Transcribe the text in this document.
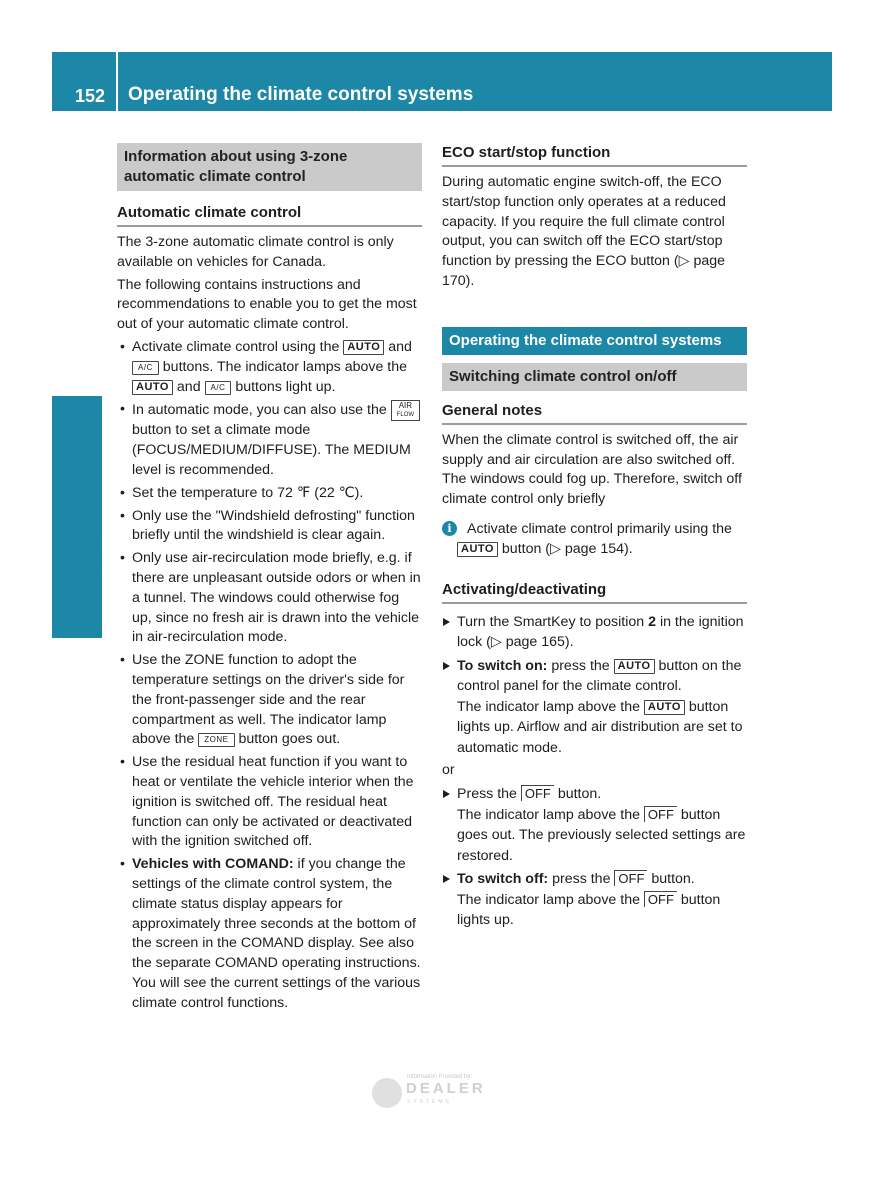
152 Operating the climate control systems
Climate control
Information about using 3-zone automatic climate control
Automatic climate control

The 3-zone automatic climate control is only available on vehicles for Canada.

The following contains instructions and recommendations to enable you to get the most out of your automatic climate control.

• Activate climate control using the AUTO and A/C buttons. The indicator lamps above the AUTO and A/C buttons light up.
• In automatic mode, you can also use the AIR
FLOW button to set a climate mode (FOCUS/MEDIUM/DIFFUSE). The MEDIUM level is recommended.
• Set the temperature to 72 ℉ (22 ℃).
• Only use the "Windshield defrosting" function briefly until the windshield is clear again.
• Only use air-recirculation mode briefly, e.g. if there are unpleasant outside odors or when in a tunnel. The windows could otherwise fog up, since no fresh air is drawn into the vehicle in air-recirculation mode.
• Use the ZONE function to adopt the temperature settings on the driver's side for the front-passenger side and the rear compartment as well. The indicator lamp above the ZONE button goes out.
• Use the residual heat function if you want to heat or ventilate the vehicle interior when the ignition is switched off. The residual heat function can only be activated or deactivated with the ignition switched off.
• Vehicles with COMAND: if you change the settings of the climate control system, the climate status display appears for approximately three seconds at the bottom of the screen in the COMAND display. See also the separate COMAND operating instructions. You will see the current settings of the various climate control functions.
ECO start/stop function

During automatic engine switch-off, the ECO start/stop function only operates at a reduced capacity. If you require the full climate control output, you can switch off the ECO start/stop function by pressing the ECO button (▷ page 170).

Operating the climate control systems
Switching climate control on/off
General notes

When the climate control is switched off, the air supply and air circulation are also switched off. The windows could fog up. Therefore, switch off climate control only briefly

i	Activate climate control primarily using the AUTO button (▷ page 154).
Activating/deactivating
Turn the SmartKey to position 2 in the ignition lock (▷ page 165).
To switch on: press the AUTO button on the control panel for the climate control.
The indicator lamp above the AUTO button lights up. Airflow and air distribution are set to automatic mode.

or

Press the OFF button.
The indicator lamp above the OFF button goes out. The previously selected settings are restored.
To switch off: press the OFF button.
The indicator lamp above the OFF button lights up.
Information Provided by:
DEALER
SYSTEMS
